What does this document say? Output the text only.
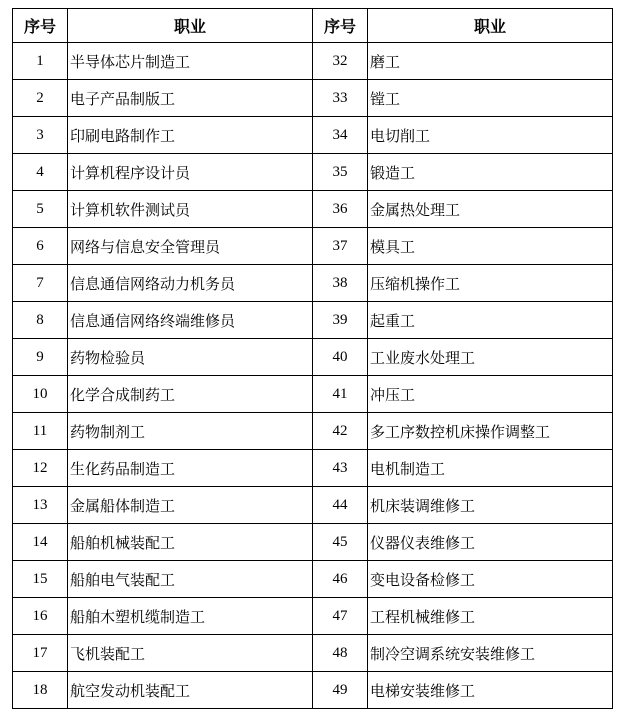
序号	职业	序号	职业
1	半导体芯片制造工	32	磨工
2	电子产品制版工	33	镗工
3	印刷电路制作工	34	电切削工
4	计算机程序设计员	35	锻造工
5	计算机软件测试员	36	金属热处理工
6	网络与信息安全管理员	37	模具工
7	信息通信网络动力机务员	38	压缩机操作工
8	信息通信网络终端维修员	39	起重工
9	药物检验员	40	工业废水处理工
10	化学合成制药工	41	冲压工
11	药物制剂工	42	多工序数控机床操作调整工
12	生化药品制造工	43	电机制造工
13	金属船体制造工	44	机床装调维修工
14	船舶机械装配工	45	仪器仪表维修工
15	船舶电气装配工	46	变电设备检修工
16	船舶木塑机缆制造工	47	工程机械维修工
17	飞机装配工	48	制冷空调系统安装维修工
18	航空发动机装配工	49	电梯安装维修工
